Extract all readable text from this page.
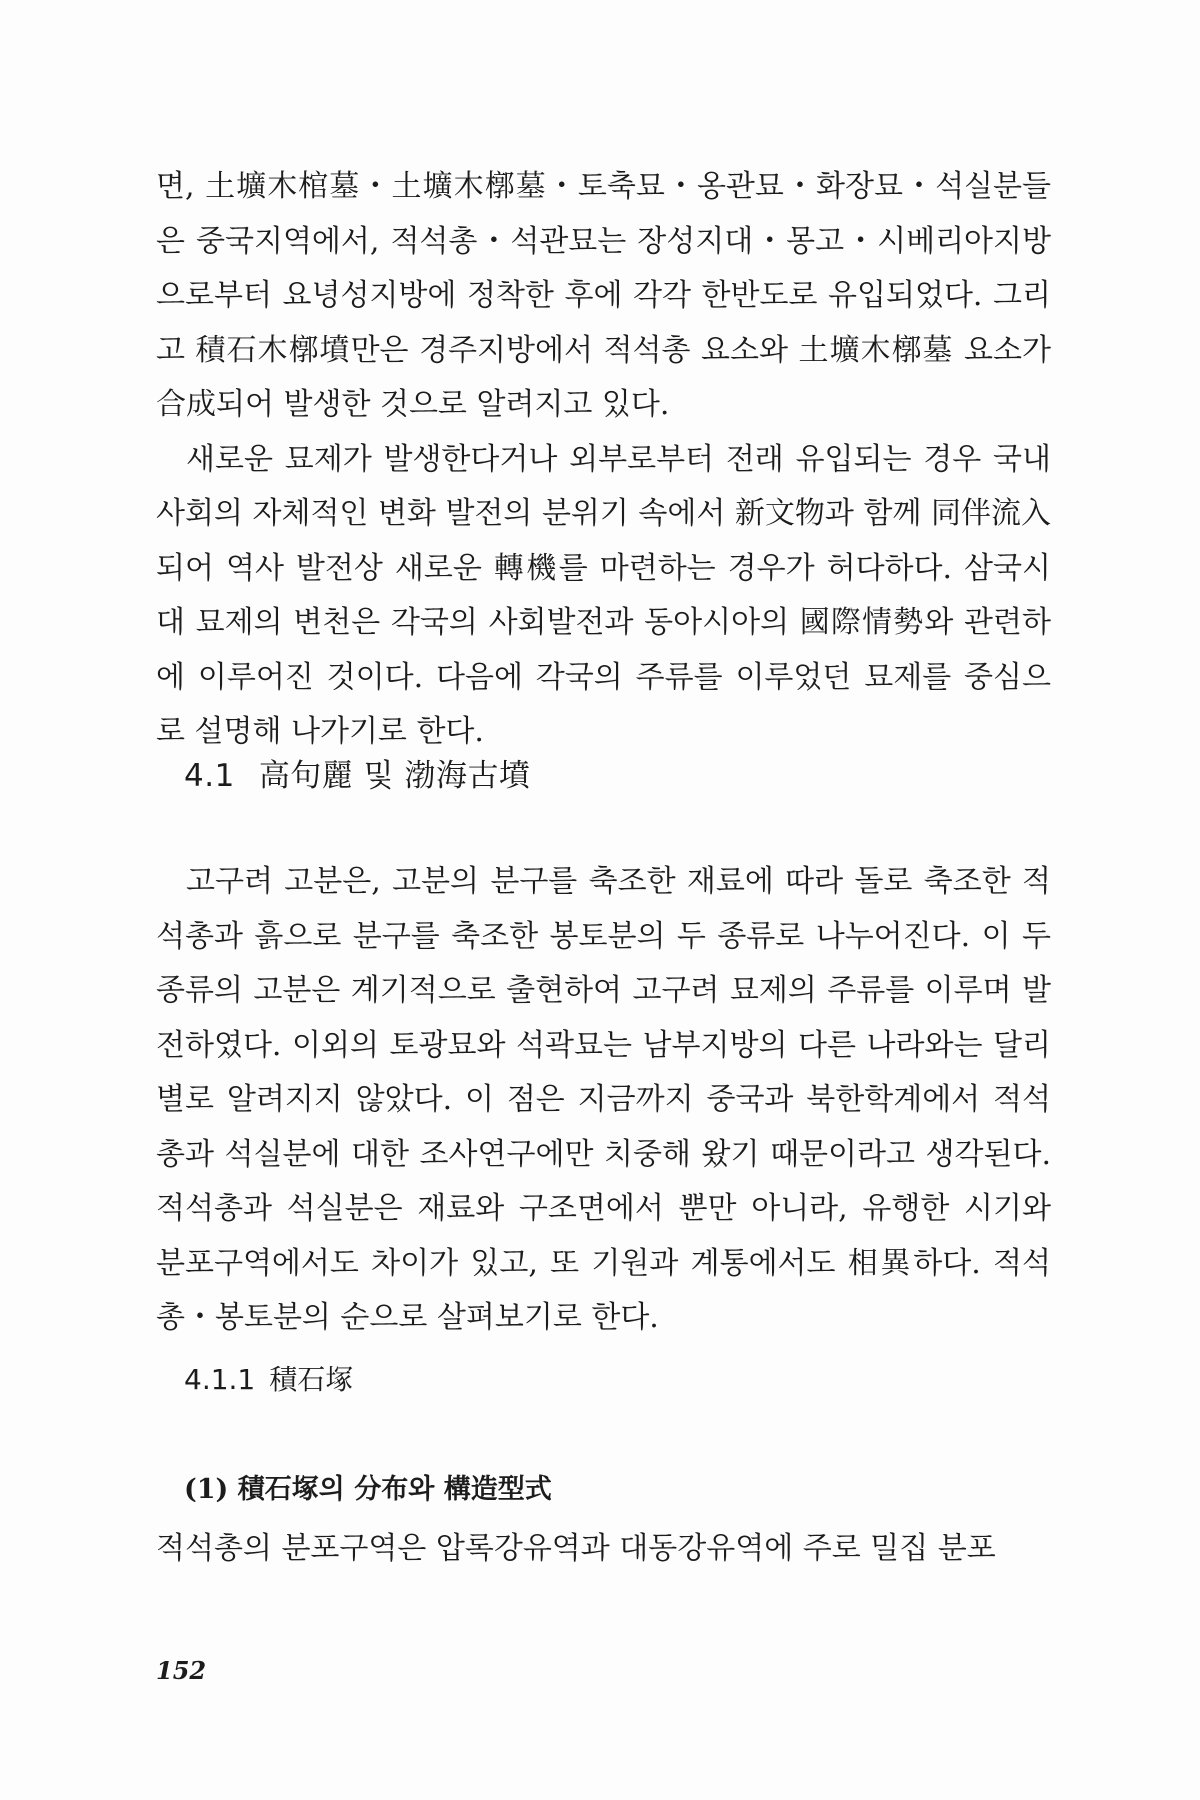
면, 土壙木棺墓・土壙木槨墓・토축묘・옹관묘・화장묘・석실분들은 중국지역에서, 적석총・석관묘는 장성지대・몽고・시베리아지방으로부터 요녕성지방에 정착한 후에 각각 한반도로 유입되었다. 그리고 積石木槨墳만은 경주지방에서 적석총 요소와 土壙木槨墓 요소가 合成되어 발생한 것으로 알려지고 있다.

새로운 묘제가 발생한다거나 외부로부터 전래 유입되는 경우 국내 사회의 자체적인 변화 발전의 분위기 속에서 新文物과 함께 同伴流入되어 역사 발전상 새로운 轉機를 마련하는 경우가 허다하다. 삼국시대 묘제의 변천은 각국의 사회발전과 동아시아의 國際情勢와 관련하에 이루어진 것이다. 다음에 각국의 주류를 이루었던 묘제를 중심으로 설명해 나가기로 한다.

4.1 高句麗 및 渤海古墳

고구려 고분은, 고분의 분구를 축조한 재료에 따라 돌로 축조한 적석총과 흙으로 분구를 축조한 봉토분의 두 종류로 나누어진다. 이 두 종류의 고분은 계기적으로 출현하여 고구려 묘제의 주류를 이루며 발전하였다. 이외의 토광묘와 석곽묘는 남부지방의 다른 나라와는 달리 별로 알려지지 않았다. 이 점은 지금까지 중국과 북한학계에서 적석총과 석실분에 대한 조사연구에만 치중해 왔기 때문이라고 생각된다. 적석총과 석실분은 재료와 구조면에서 뿐만 아니라, 유행한 시기와 분포구역에서도 차이가 있고, 또 기원과 계통에서도 相異하다. 적석총・봉토분의 순으로 살펴보기로 한다.

4.1.1 積石塚
(1) 積石塚의 分布와 構造型式

적석총의 분포구역은 압록강유역과 대동강유역에 주로 밀집 분포

152
